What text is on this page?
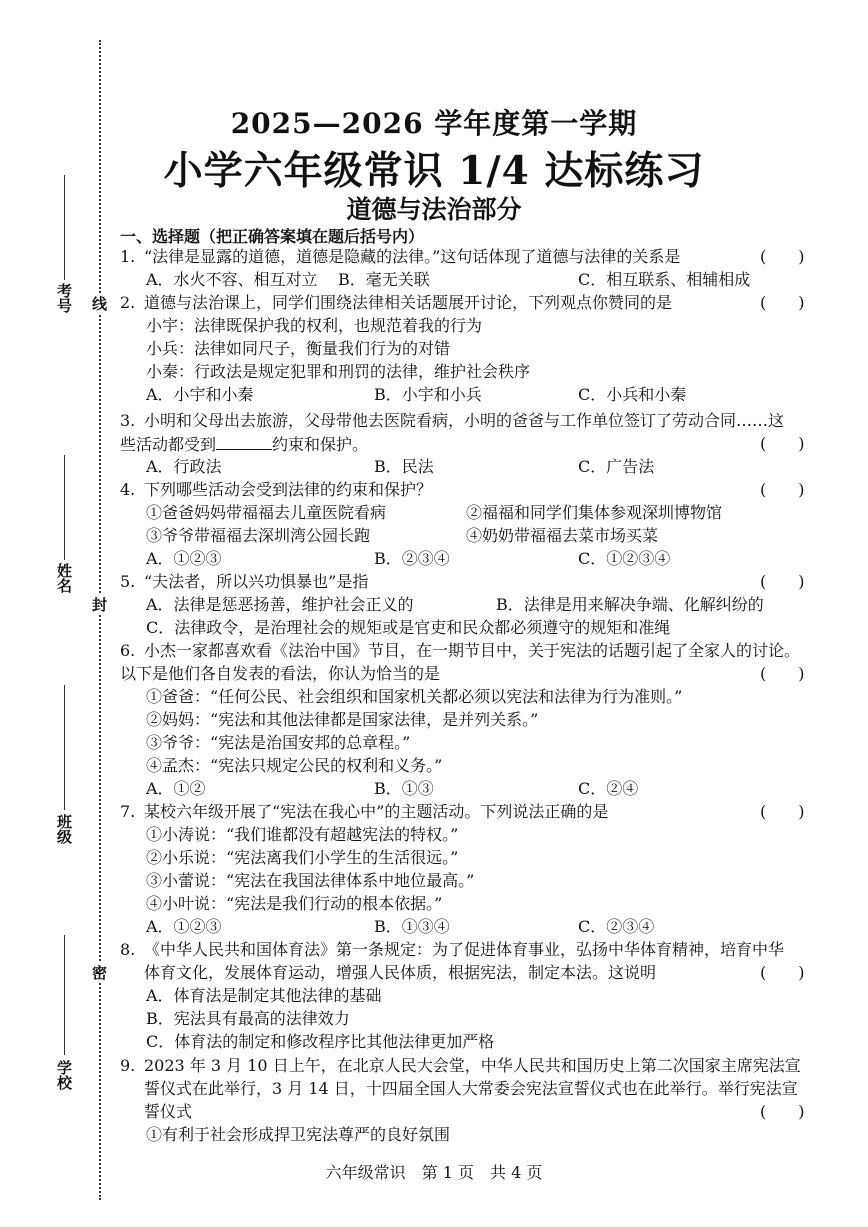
考号
姓名
班级
学校
线
封
密
2025—2026 学年度第一学期
小学六年级常识 1/4 达标练习
道德与法治部分
一、选择题（把正确答案填在题后括号内）
1. “法律是显露的道德，道德是隐藏的法律。”这句话体现了道德与法律的关系是	(　　)
A．水火不容、相互对立 B．毫无关联	C．相互联系、相辅相成
2. 道德与法治课上，同学们围绕法律相关话题展开讨论，下列观点你赞同的是	(　　)
小宇：法律既保护我的权利，也规范着我的行为
小兵：法律如同尺子，衡量我们行为的对错
小秦：行政法是规定犯罪和刑罚的法律，维护社会秩序
A．小宇和小秦	B．小宇和小兵	C．小兵和小秦
3. 小明和父母出去旅游，父母带他去医院看病，小明的爸爸与工作单位签订了劳动合同……这
些活动都受到	约束和保护。	(　　)
A．行政法	B．民法	C．广告法
4. 下列哪些活动会受到法律的约束和保护？	(　　)
①爸爸妈妈带福福去儿童医院看病	②福福和同学们集体参观深圳博物馆
③爷爷带福福去深圳湾公园长跑	④奶奶带福福去菜市场买菜
A．①②③	B．②③④	C．①②③④
5. “夫法者，所以兴功惧暴也”是指	(　　)
A．法律是惩恶扬善，维护社会正义的	B．法律是用来解决争端、化解纠纷的
C．法律政令，是治理社会的规矩或是官吏和民众都必须遵守的规矩和准绳
6. 小杰一家都喜欢看《法治中国》节目，在一期节目中，关于宪法的话题引起了全家人的讨论。
以下是他们各自发表的看法，你认为恰当的是	(　　)
①爸爸：“任何公民、社会组织和国家机关都必须以宪法和法律为行为准则。”
②妈妈：“宪法和其他法律都是国家法律，是并列关系。”
③爷爷：“宪法是治国安邦的总章程。”
④孟杰：“宪法只规定公民的权利和义务。”
A．①②	B．①③	C．②④
7. 某校六年级开展了“宪法在我心中”的主题活动。下列说法正确的是	(　　)
①小涛说：“我们谁都没有超越宪法的特权。”
②小乐说：“宪法离我们小学生的生活很远。”
③小蕾说：“宪法在我国法律体系中地位最高。”
④小叶说：“宪法是我们行动的根本依据。”
A．①②③	B．①③④	C．②③④
8. 《中华人民共和国体育法》第一条规定：为了促进体育事业，弘扬中华体育精神，培育中华
体育文化，发展体育运动，增强人民体质，根据宪法，制定本法。这说明	(　　)
A．体育法是制定其他法律的基础
B．宪法具有最高的法律效力
C．体育法的制定和修改程序比其他法律更加严格
9. 2023 年 3 月 10 日上午，在北京人民大会堂，中华人民共和国历史上第二次国家主席宪法宣
誓仪式在此举行，3 月 14 日，十四届全国人大常委会宪法宣誓仪式也在此举行。举行宪法宣
誓仪式	(　　)
①有利于社会形成捍卫宪法尊严的良好氛围
六年级常识　第 1 页　共 4 页
